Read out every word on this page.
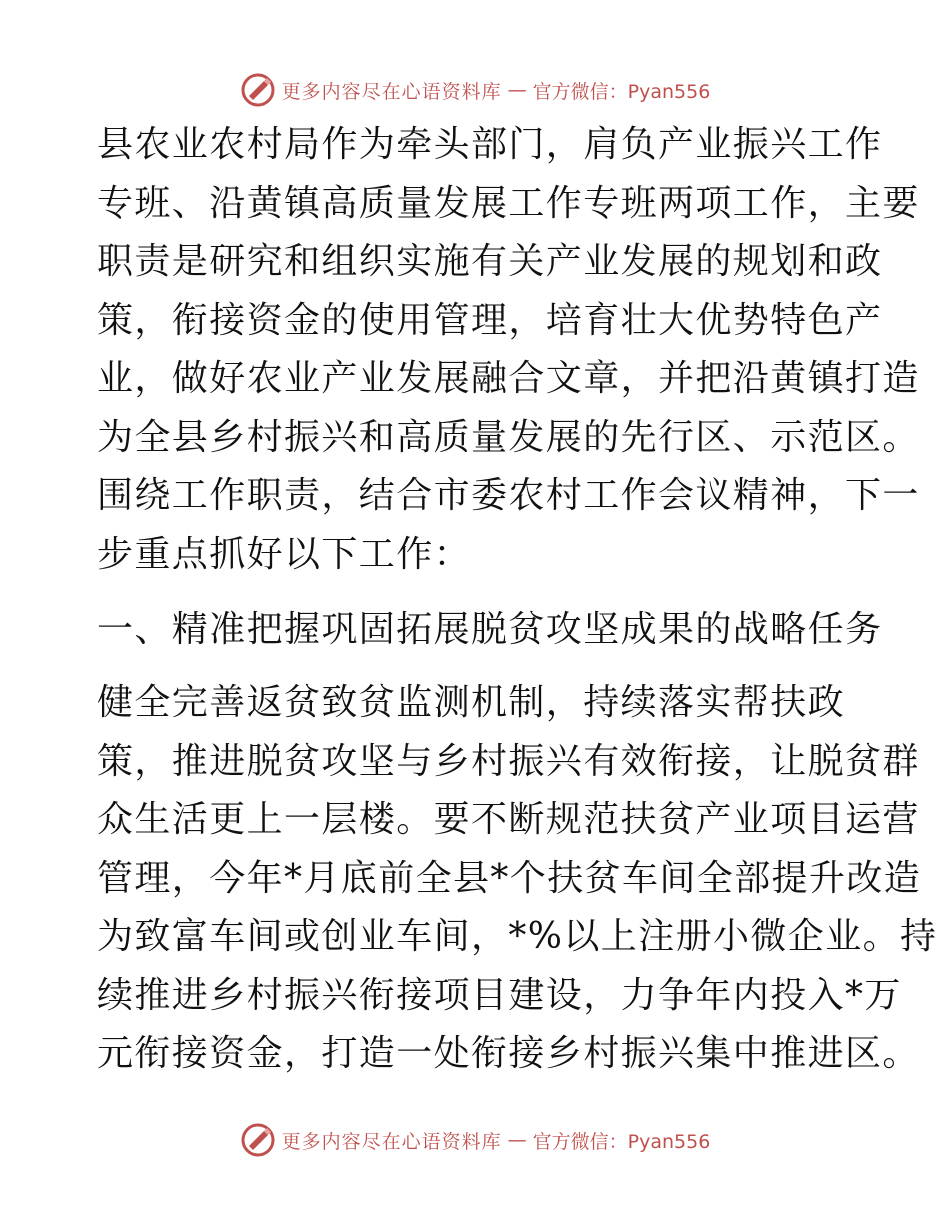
更多内容尽在心语资料库 — 官方微信：Pyan556
县农业农村局作为牵头部门，肩负产业振兴工作
专班、沿黄镇高质量发展工作专班两项工作，主要
职责是研究和组织实施有关产业发展的规划和政
策，衔接资金的使用管理，培育壮大优势特色产
业，做好农业产业发展融合文章，并把沿黄镇打造
为全县乡村振兴和高质量发展的先行区、示范区。
围绕工作职责，结合市委农村工作会议精神，下一
步重点抓好以下工作：
一、精准把握巩固拓展脱贫攻坚成果的战略任务
健全完善返贫致贫监测机制，持续落实帮扶政
策，推进脱贫攻坚与乡村振兴有效衔接，让脱贫群
众生活更上一层楼。要不断规范扶贫产业项目运营
管理，今年*月底前全县*个扶贫车间全部提升改造
为致富车间或创业车间，*%以上注册小微企业。持
续推进乡村振兴衔接项目建设，力争年内投入*万
元衔接资金，打造一处衔接乡村振兴集中推进区。
更多内容尽在心语资料库 — 官方微信：Pyan556
